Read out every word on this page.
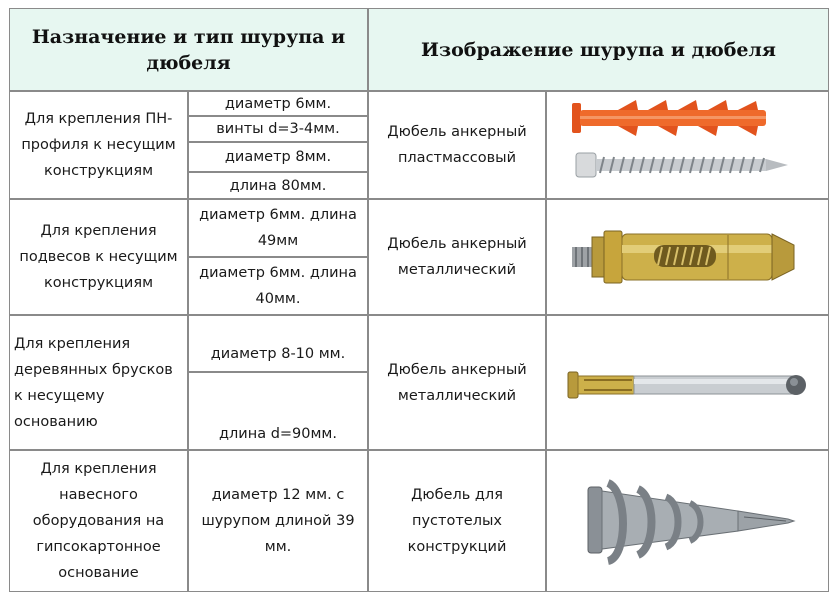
Назначение и тип шурупа и дюбеля
Изображение шурупа и дюбеля
Для крепления ПН-профиля к несущим конструкциям
диаметр 6мм.
винты d=3-4мм.
диаметр 8мм.
длина 80мм.
Дюбель анкерный пластмассовый
Для крепления подвесов к несущим конструкциям
диаметр 6мм. длина 49мм
диаметр 6мм. длина 40мм.
Дюбель анкерный металлический
Для крепления деревянных брусков к несущему основанию
диаметр 8-10 мм.
длина d=90мм.
Дюбель анкерный металлический
Для крепления навесного оборудования на гипсокартонное основание
диаметр 12 мм. с шурупом длиной 39 мм.
Дюбель для пустотелых конструкций
